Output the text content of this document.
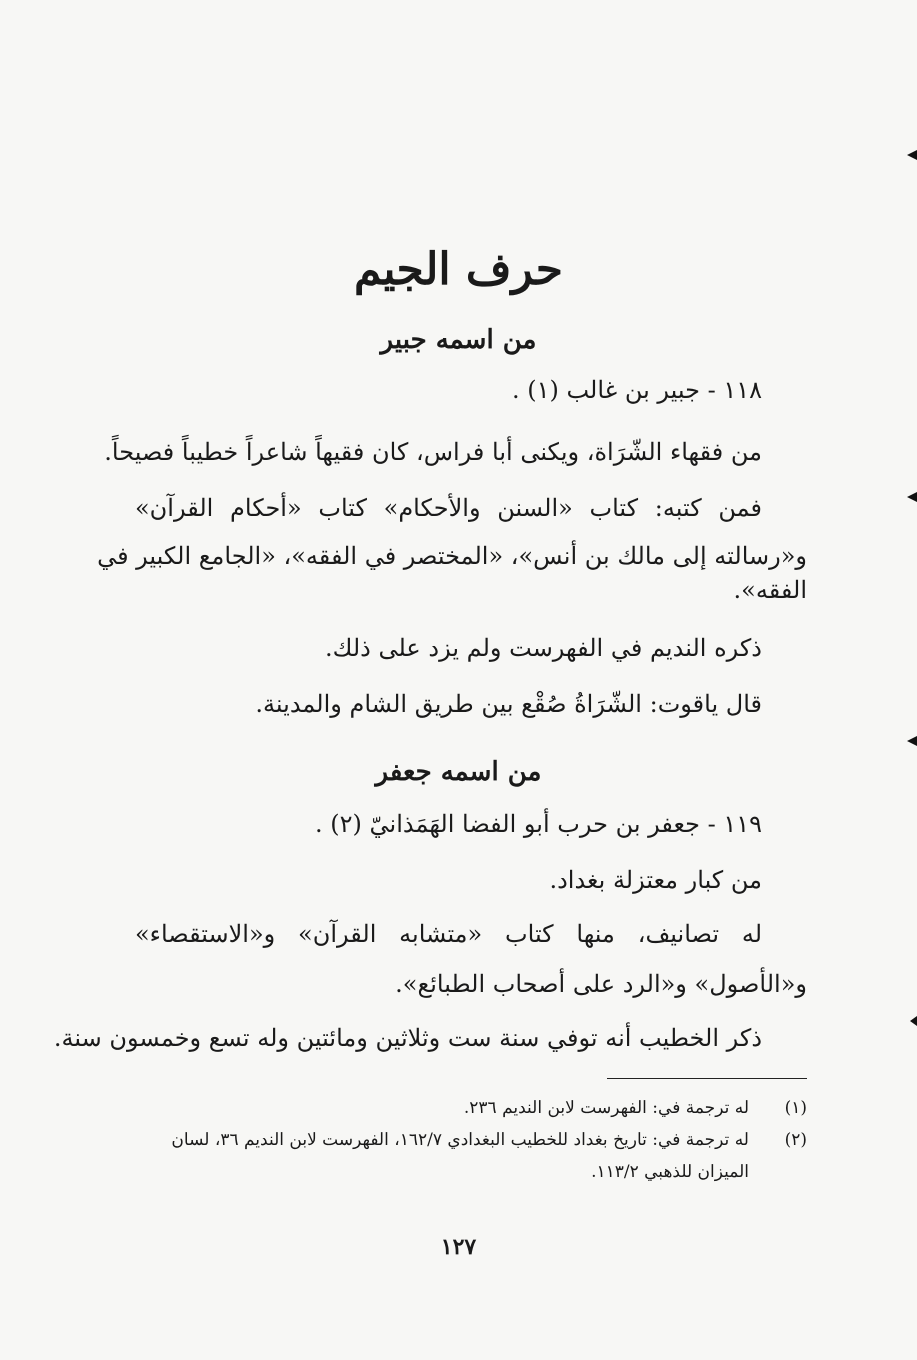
حرف الجيم
من اسمه جبير
١١٨ - جبير بن غالب (١) .
من فقهاء الشّرَاة، ويكنى أبا فراس، كان فقيهاً شاعراً خطيباً فصيحاً.
فمن كتبه: كتاب «السنن والأحكام» كتاب «أحكام القرآن»
و«رسالته إلى مالك بن أنس»، «المختصر في الفقه»، «الجامع الكبير في
الفقه».
ذكره النديم في الفهرست ولم يزد على ذلك.
قال ياقوت: الشّرَاةُ صُقْع بين طريق الشام والمدينة.
من اسمه جعفر
١١٩ - جعفر بن حرب أبو الفضا الهَمَذانيّ (٢) .
من كبار معتزلة بغداد.
له تصانيف، منها كتاب «متشابه القرآن» و«الاستقصاء»
و«الأصول» و«الرد على أصحاب الطبائع».
ذكر الخطيب أنه توفي سنة ست وثلاثين ومائتين وله تسع وخمسون سنة.
(١)له ترجمة في: الفهرست لابن النديم ٢٣٦.
(٢)له ترجمة في: تاريخ بغداد للخطيب البغدادي ١٦٢/٧، الفهرست لابن النديم ٣٦، لسان
الميزان للذهبي ١١٣/٢.
١٢٧
